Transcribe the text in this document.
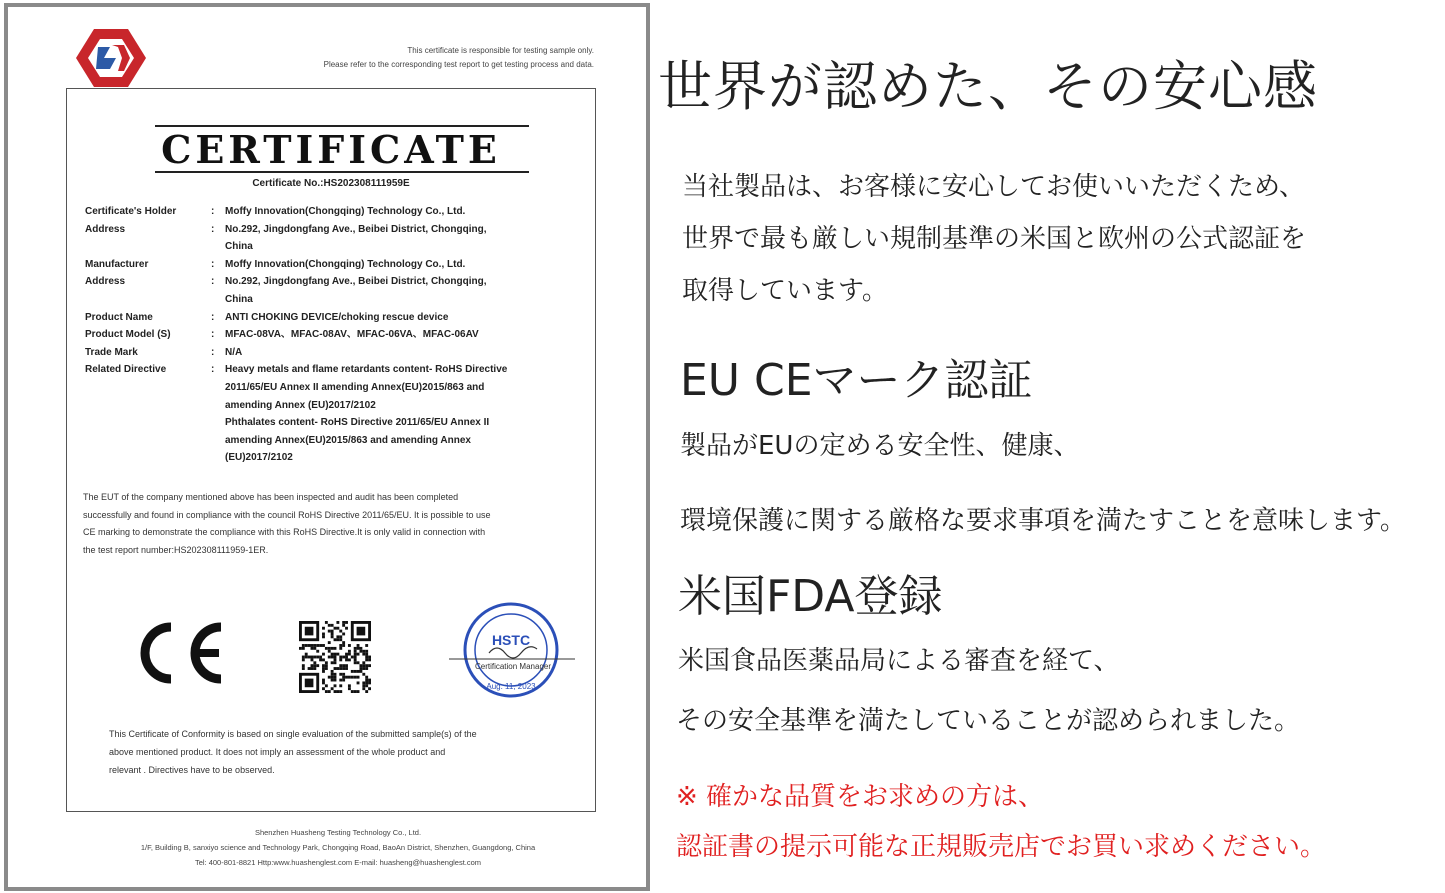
This certificate is responsible for testing sample only.
Please refer to the corresponding test report to get testing process and data.
CERTIFICATE
Certificate No.:HS202308111959E
Certificate's Holder	:	Moffy Innovation(Chongqing) Technology Co., Ltd.
Address	:	No.292, Jingdongfang Ave., Beibei District, Chongqing,
China
Manufacturer	:	Moffy Innovation(Chongqing) Technology Co., Ltd.
Address	:	No.292, Jingdongfang Ave., Beibei District, Chongqing,
China
Product Name	:	ANTI CHOKING DEVICE/choking rescue device
Product Model (S)	:	MFAC-08VA、MFAC-08AV、MFAC-06VA、MFAC-06AV
Trade Mark	:	N/A
Related Directive	:	Heavy metals and flame retardants content- RoHS Directive
2011/65/EU Annex II amending Annex(EU)2015/863 and
amending Annex (EU)2017/2102
Phthalates content- RoHS Directive 2011/65/EU Annex II
amending Annex(EU)2015/863 and amending Annex
(EU)2017/2102
The EUT of the company mentioned above has been inspected and audit has been completed
successfully and found in compliance with the council RoHS Directive 2011/65/EU. It is possible to use
CE marking to demonstrate the compliance with this RoHS Directive.It is only valid in connection with
the test report number:HS202308111959-1ER.
HSTC
Certification Manager
Aug. 11, 2023
This Certificate of Conformity is based on single evaluation of the submitted sample(s) of the
above mentioned product. It does not imply an assessment of the whole product and
relevant . Directives have to be observed.
Shenzhen Huasheng Testing Technology Co., Ltd.
1/F, Building B, sanxiyo science and Technology Park, Chongqing Road, BaoAn District, Shenzhen, Guangdong, China
Tel: 400-801-8821 Http:www.huashenglest.com E-mail: huasheng@huashenglest.com
世界が認めた、その安心感
当社製品は、お客様に安心してお使いいただくため、
世界で最も厳しい規制基準の米国と欧州の公式認証を
取得しています。
EU CEマーク認証
製品がEUの定める安全性、健康、
環境保護に関する厳格な要求事項を満たすことを意味します。
米国FDA登録
米国食品医薬品局による審査を経て、
その安全基準を満たしていることが認められました。
※ 確かな品質をお求めの方は、
認証書の提示可能な正規販売店でお買い求めください。
